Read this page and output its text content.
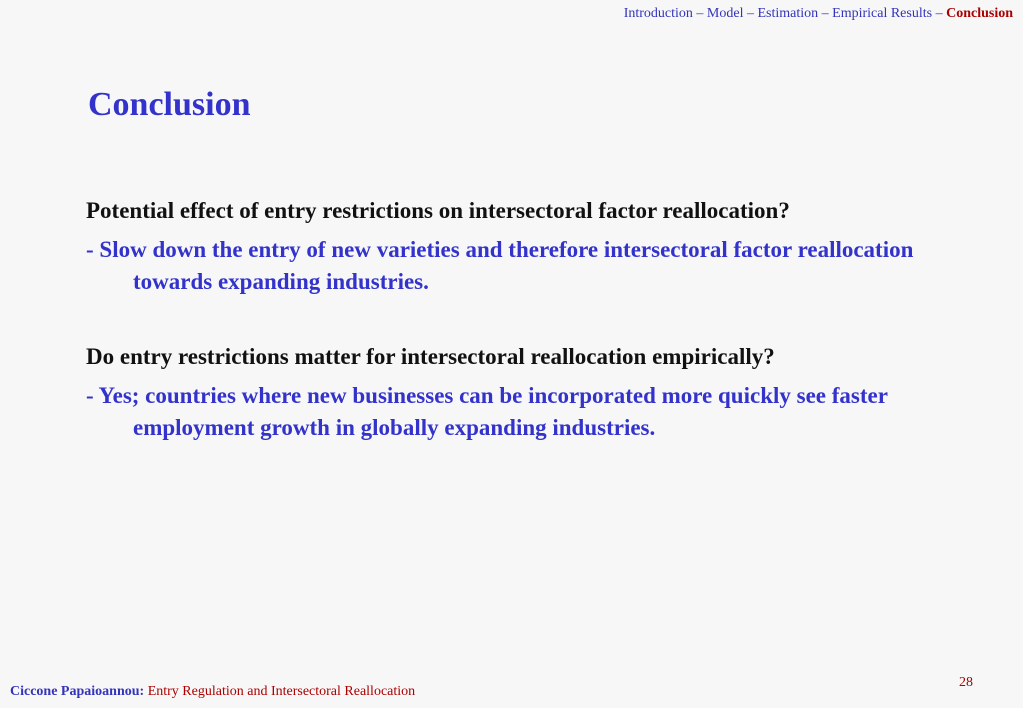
Introduction – Model – Estimation – Empirical Results – Conclusion
Conclusion

Potential effect of entry restrictions on intersectoral factor reallocation?

- Slow down the entry of new varieties and therefore intersectoral factor reallocation towards expanding industries.

Do entry restrictions matter for intersectoral reallocation empirically?

- Yes; countries where new businesses can be incorporated more quickly see faster employment growth in globally expanding industries.

28
Ciccone Papaioannou: Entry Regulation and Intersectoral Reallocation
